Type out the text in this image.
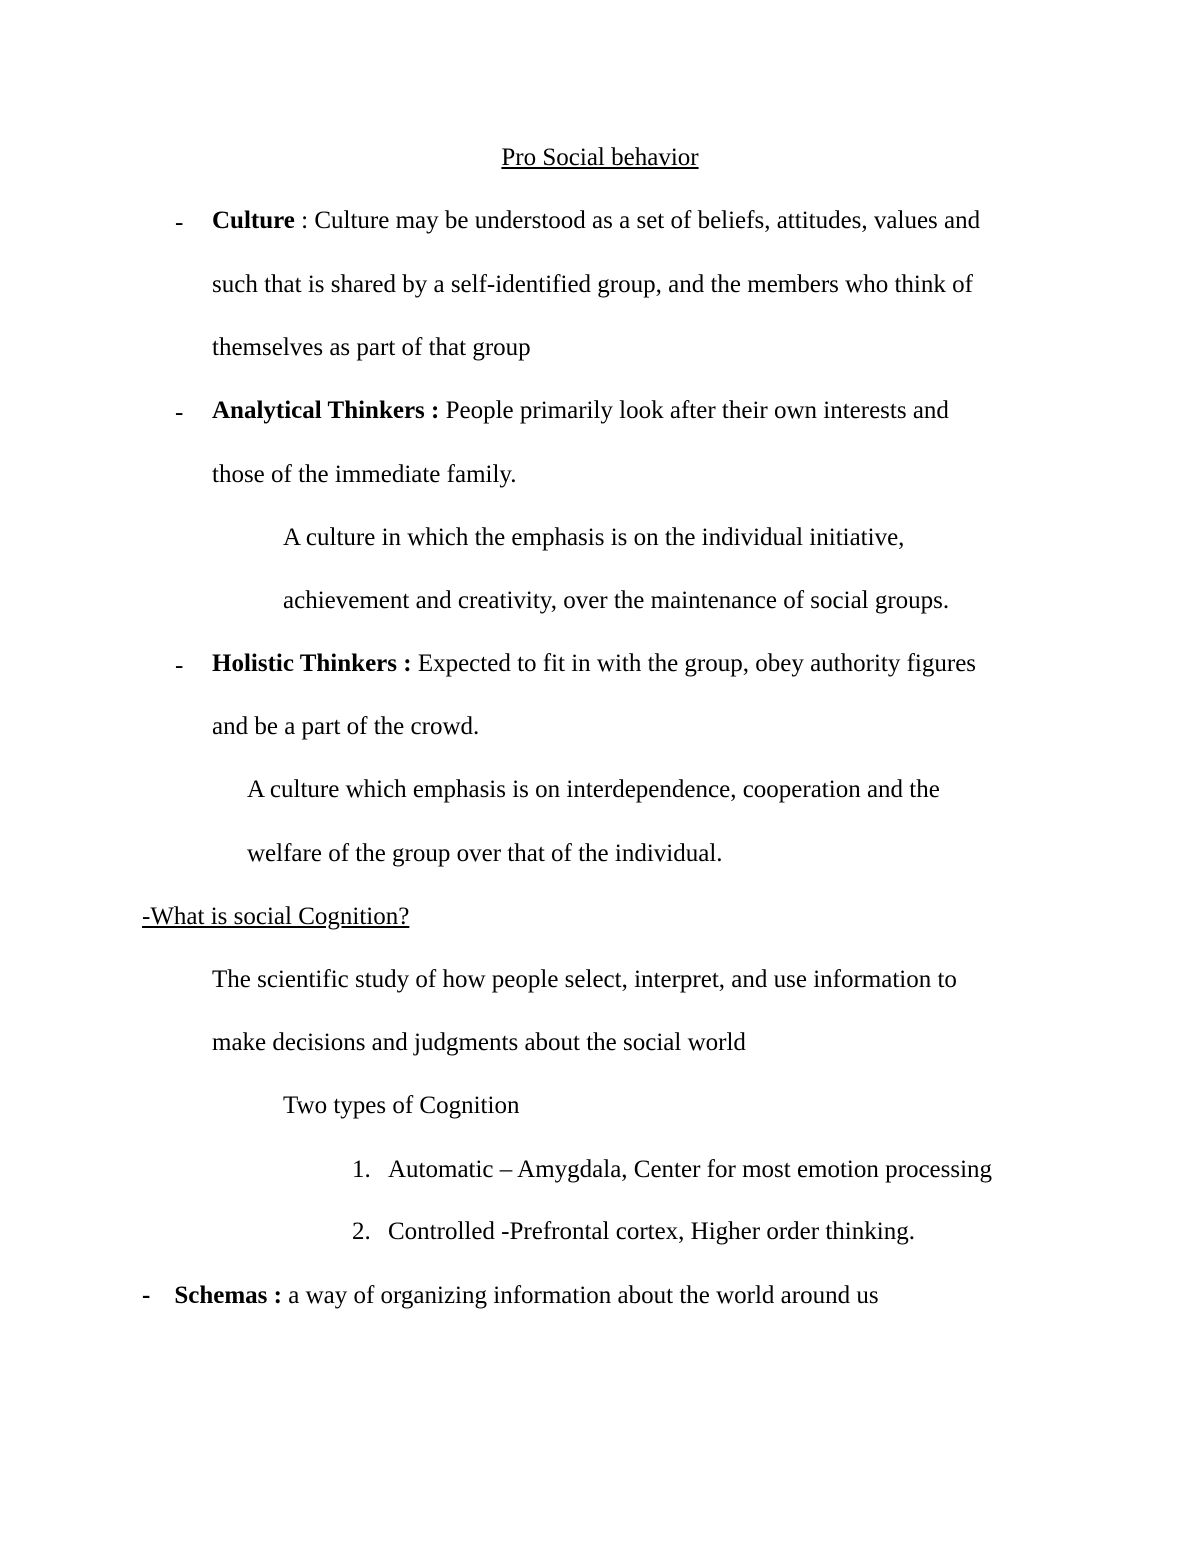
Pro Social behavior
- Culture : Culture may be understood as a set of beliefs, attitudes, values and
such that is shared by a self-identified group, and the members who think of
themselves as part of that group
- Analytical Thinkers : People primarily look after their own interests and
those of the immediate family.
A culture in which the emphasis is on the individual initiative,
achievement and creativity, over the maintenance of social groups.
- Holistic Thinkers : Expected to fit in with the group, obey authority figures
and be a part of the crowd.
A culture which emphasis is on interdependence, cooperation and the
welfare of the group over that of the individual.
-What is social Cognition?
The scientific study of how people select, interpret, and use information to
make decisions and judgments about the social world
Two types of Cognition
1. Automatic – Amygdala, Center for most emotion processing
2. Controlled -Prefrontal cortex, Higher order thinking.
- Schemas : a way of organizing information about the world around us
